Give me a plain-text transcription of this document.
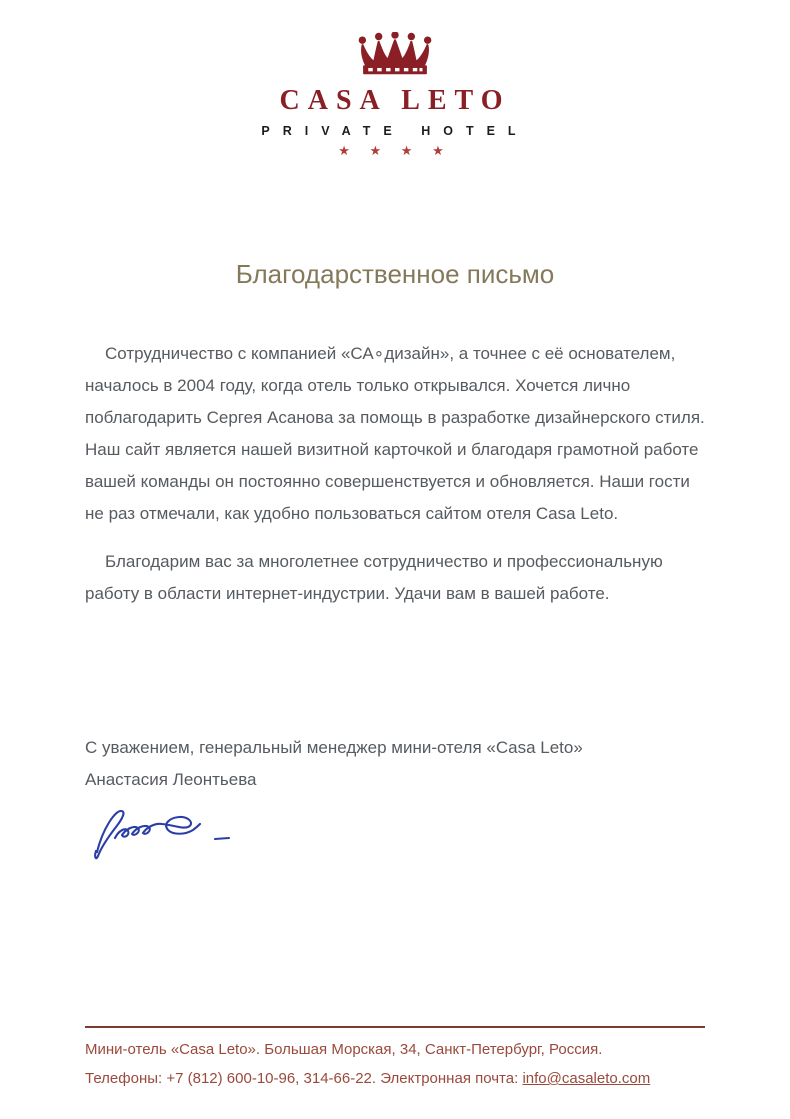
CASA LETO
PRIVATE HOTEL
★ ★ ★ ★
Благодарственное письмо

Сотрудничество с компанией «СА∘дизайн», а точнее с её основателем, началось в 2004 году, когда отель только открывался. Хочется лично поблагодарить Сергея Асанова за помощь в разработке дизайнерского стиля. Наш сайт является нашей визитной карточкой и благодаря грамотной работе вашей команды он постоянно совершенствуется и обновляется. Наши гости не раз отмечали, как удобно пользоваться сайтом отеля Casa Leto.

Благодарим вас за многолетнее сотрудничество и профессиональную работу в области интернет-индустрии. Удачи вам в вашей работе.

С уважением, генеральный менеджер мини-отеля «Casa Leto»
Анастасия Леонтьева
Мини-отель «Casa Leto». Большая Морская, 34, Санкт-Петербург, Россия.
Телефоны: +7 (812) 600-10-96, 314-66-22. Электронная почта: info@casaleto.com
